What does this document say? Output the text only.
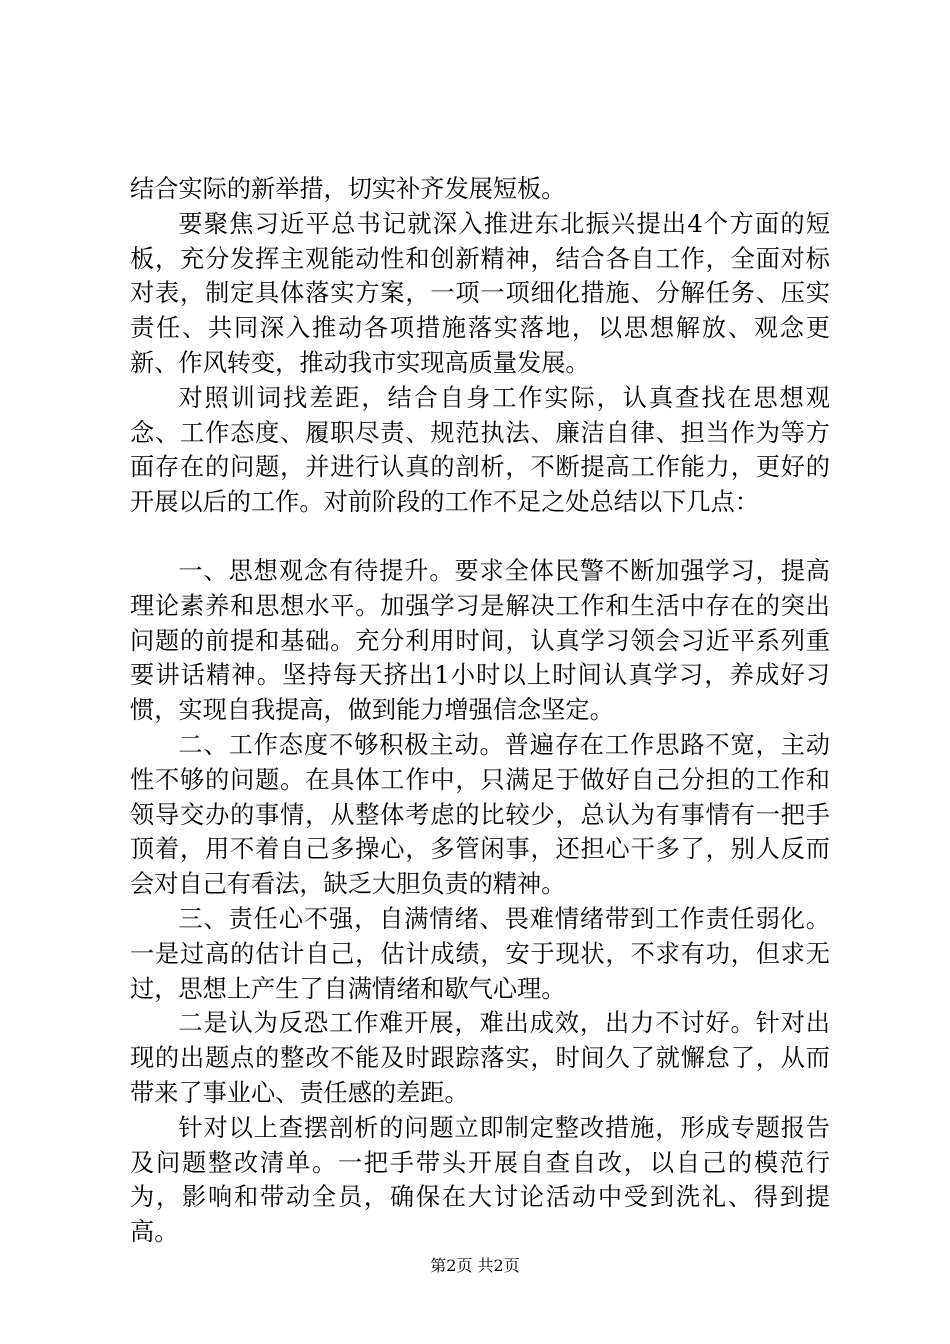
结合实际的新举措，切实补齐发展短板。

要聚焦习近平总书记就深入推进东北振兴提出4个方面的短板，充分发挥主观能动性和创新精神，结合各自工作，全面对标对表，制定具体落实方案，一项一项细化措施、分解任务、压实责任、共同深入推动各项措施落实落地，以思想解放、观念更新、作风转变，推动我市实现高质量发展。

对照训词找差距，结合自身工作实际，认真查找在思想观念、工作态度、履职尽责、规范执法、廉洁自律、担当作为等方面存在的问题，并进行认真的剖析，不断提高工作能力，更好的开展以后的工作。对前阶段的工作不足之处总结以下几点：

一、思想观念有待提升。要求全体民警不断加强学习，提高理论素养和思想水平。加强学习是解决工作和生活中存在的突出问题的前提和基础。充分利用时间，认真学习领会习近平系列重要讲话精神。坚持每天挤出1小时以上时间认真学习，养成好习惯，实现自我提高，做到能力增强信念坚定。

二、工作态度不够积极主动。普遍存在工作思路不宽，主动性不够的问题。在具体工作中，只满足于做好自己分担的工作和领导交办的事情，从整体考虑的比较少，总认为有事情有一把手顶着，用不着自己多操心，多管闲事，还担心干多了，别人反而会对自己有看法，缺乏大胆负责的精神。

三、责任心不强，自满情绪、畏难情绪带到工作责任弱化。一是过高的估计自己，估计成绩，安于现状，不求有功，但求无过，思想上产生了自满情绪和歇气心理。

二是认为反恐工作难开展，难出成效，出力不讨好。针对出现的出题点的整改不能及时跟踪落实，时间久了就懈怠了，从而带来了事业心、责任感的差距。

针对以上查摆剖析的问题立即制定整改措施，形成专题报告及问题整改清单。一把手带头开展自查自改，以自己的模范行为，影响和带动全员，确保在大讨论活动中受到洗礼、得到提高。

第2页 共2页
